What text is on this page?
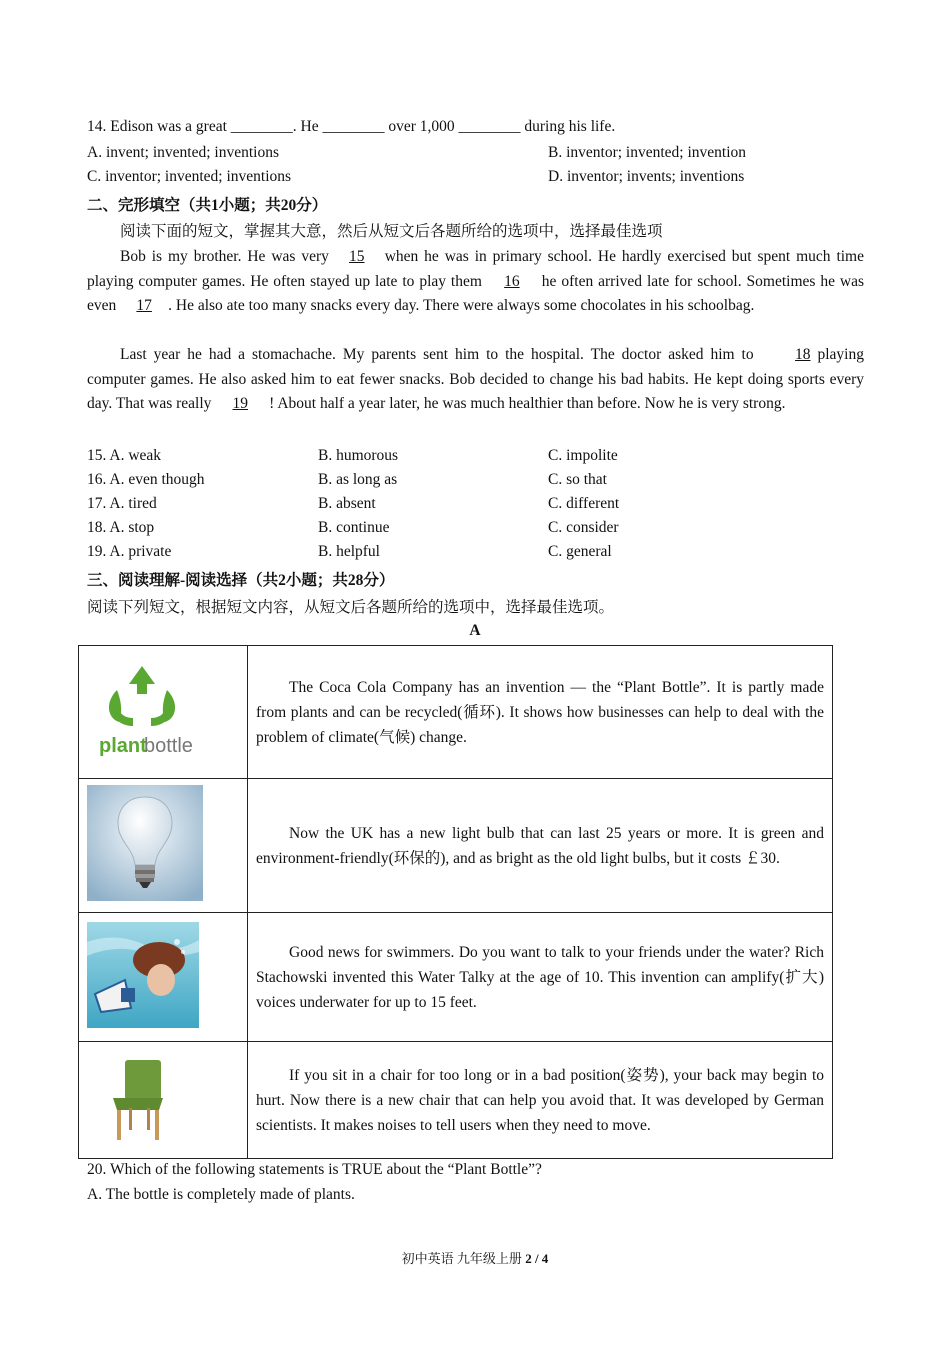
14. Edison was a great ________. He ________ over 1,000 ________ during his life.
A. invent; invented; inventions	B. inventor; invented; invention
C. inventor; invented; inventions	D. inventor; invents; inventions
二、完形填空（共1小题；共20分）
阅读下面的短文，掌握其大意，然后从短文后各题所给的选项中，选择最佳选项
Bob is my brother. He was very 15 when he was in primary school. He hardly exercised but spent much time playing computer games. He often stayed up late to play them 16 he often arrived late for school. Sometimes he was even 17 . He also ate too many snacks every day. There were always some chocolates in his schoolbag.
Last year he had a stomachache. My parents sent him to the hospital. The doctor asked him to 18 playing computer games. He also asked him to eat fewer snacks. Bob decided to change his bad habits. He kept doing sports every day. That was really 19 ! About half a year later, he was much healthier than before. Now he is very strong.
15. A. weak	B. humorous	C. impolite
16. A. even though	B. as long as	C. so that
17. A. tired	B. absent	C. different
18. A. stop	B. continue	C. consider
19. A. private	B. helpful	C. general
三、阅读理解-阅读选择（共2小题；共28分）
阅读下列短文，根据短文内容，从短文后各题所给的选项中，选择最佳选项。
A
plant
bottle	The Coca Cola Company has an invention — the “Plant Bottle”. It is partly made from plants and can be recycled(循环). It shows how businesses can help to deal with the problem of climate(气候) change.
	Now the UK has a new light bulb that can last 25 years or more. It is green and environment-friendly(环保的), and as bright as the old light bulbs, but it costs ￡30.
	Good news for swimmers. Do you want to talk to your friends under the water? Rich Stachowski invented this Water Talky at the age of 10. This invention can amplify(扩大) voices underwater for up to 15 feet.
	If you sit in a chair for too long or in a bad position(姿势), your back may begin to hurt. Now there is a new chair that can help you avoid that. It was developed by German scientists. It makes noises to tell users when they need to move.
20. Which of the following statements is TRUE about the “Plant Bottle”?
A. The bottle is completely made of plants.
初中英语 九年级上册 2 / 4
